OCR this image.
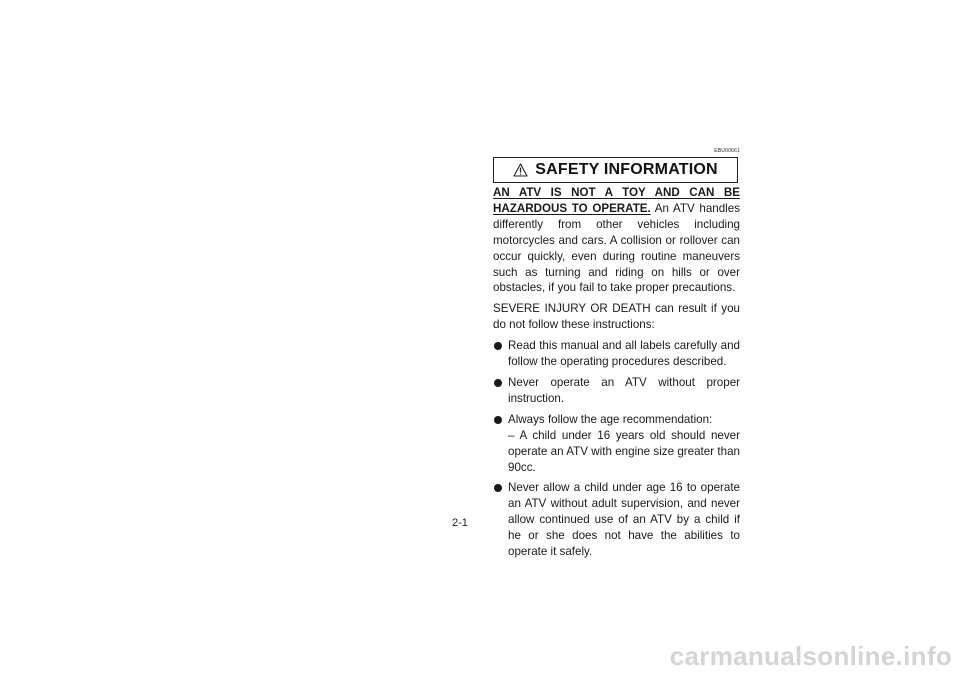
EBU00661
SAFETY INFORMATION

AN ATV IS NOT A TOY AND CAN BE HAZARDOUS TO OPERATE. An ATV handles differently from other vehicles including motorcycles and cars. A collision or rollover can occur quickly, even during routine maneuvers such as turning and riding on hills or over obstacles, if you fail to take proper precautions.

SEVERE INJURY OR DEATH can result if you do not follow these instructions:

Read this manual and all labels carefully and follow the operating procedures described.
Never operate an ATV without proper instruction.
Always follow the age recommendation:
– A child under 16 years old should never operate an ATV with engine size greater than 90cc.
Never allow a child under age 16 to operate an ATV without adult supervision, and never allow continued use of an ATV by a child if he or she does not have the abilities to operate it safely.
2-1
carmanualsonline.info
